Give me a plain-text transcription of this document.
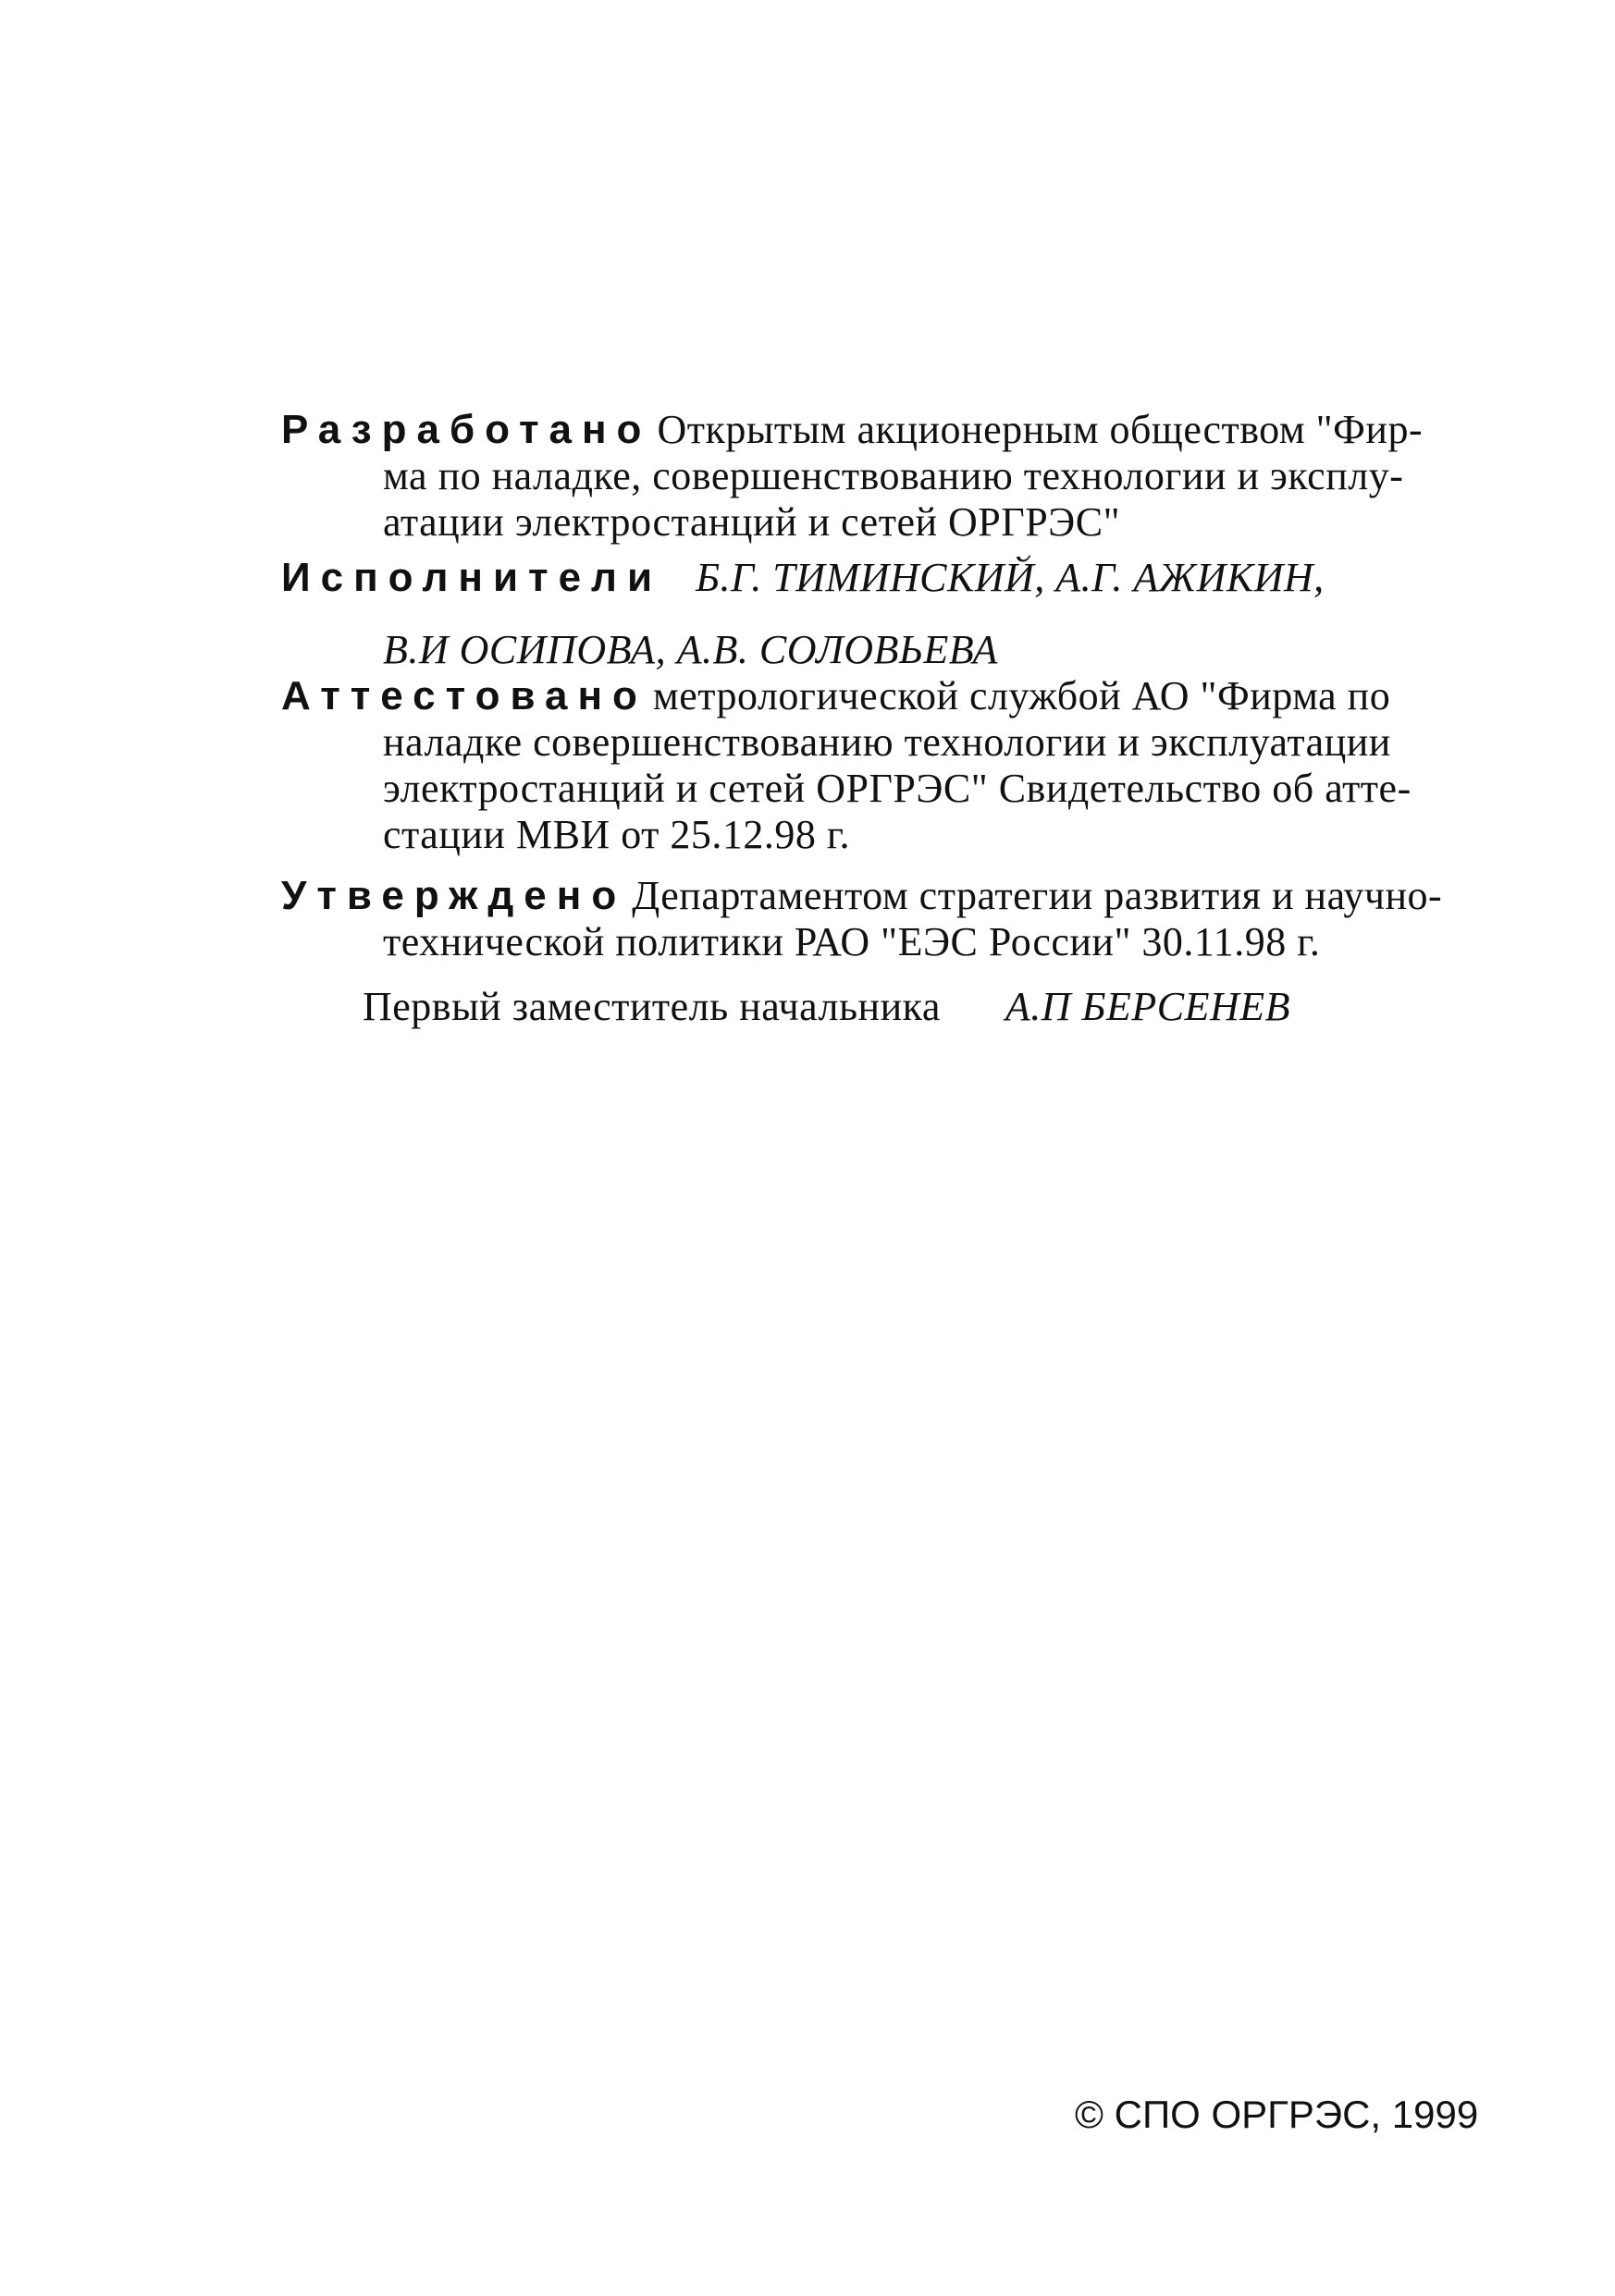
Разработано Открытым акционерным обществом "Фир-
ма по наладке, совершенствованию технологии и эксплу-
атации электростанций и сетей ОРГРЭС"
Исполнители Б.Г. ТИМИНСКИЙ, А.Г. АЖИКИН,
В.И ОСИПОВА, А.В. СОЛОВЬЕВА
Аттестовано метрологической службой АО "Фирма по
наладке совершенствованию технологии и эксплуатации
электростанций и сетей ОРГРЭС" Свидетельство об атте-
стации МВИ от 25.12.98 г.
Утверждено Департаментом стратегии развития и научно-
технической политики РАО "ЕЭС России" 30.11.98 г.
Первый заместитель начальника А.П БЕРСЕНЕВ
© СПО ОРГРЭС, 1999
